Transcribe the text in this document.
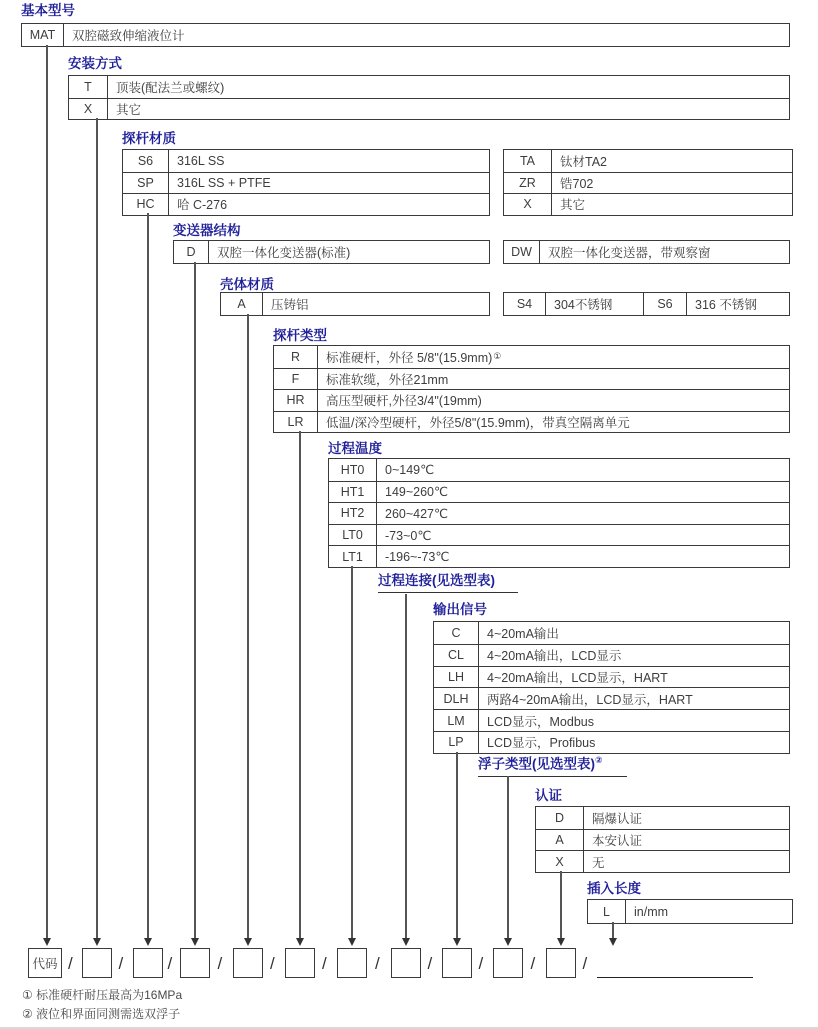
基本型号
安装方式
探杆材质
变送器结构
壳体材质
探杆类型
过程温度
过程连接(见选型表)
输出信号
浮子类型(见选型表)②
认证
插入长度
代码
① 标准硬杆耐压最高为16MPa
② 液位和界面同测需选双浮子
MAT	双腔磁致伸缩液位计
T	顶装(配法兰或螺纹)
X	其它
S6	316L SS
SP	316L SS + PTFE
HC	哈 C-276
TA	钛材TA2
ZR	锆702
X	其它
D	双腔一体化变送器(标准)	DW	双腔一体化变送器，带观察窗
A	压铸铝	S4	304不锈钢	S6	316 不锈钢
R	标准硬杆，外径 5/8"(15.9mm) ①
F	标准软缆，外径21mm
HR	高压型硬杆,外径3/4"(19mm)
LR	低温/深冷型硬杆，外径5/8"(15.9mm)，带真空隔离单元
HT0	0~149℃
HT1	149~260℃
HT2	260~427℃
LT0	-73~0℃
LT1	-196~-73℃
C	4~20mA输出
CL	4~20mA输出，LCD显示
LH	4~20mA输出，LCD显示，HART
DLH	两路4~20mA输出，LCD显示，HART
LM	LCD显示，Modbus
LP	LCD显示，Profibus
D	隔爆认证
A	本安认证
X	无
L	in/mm
/	/	/	/	/	/	/	/	/	/	/
